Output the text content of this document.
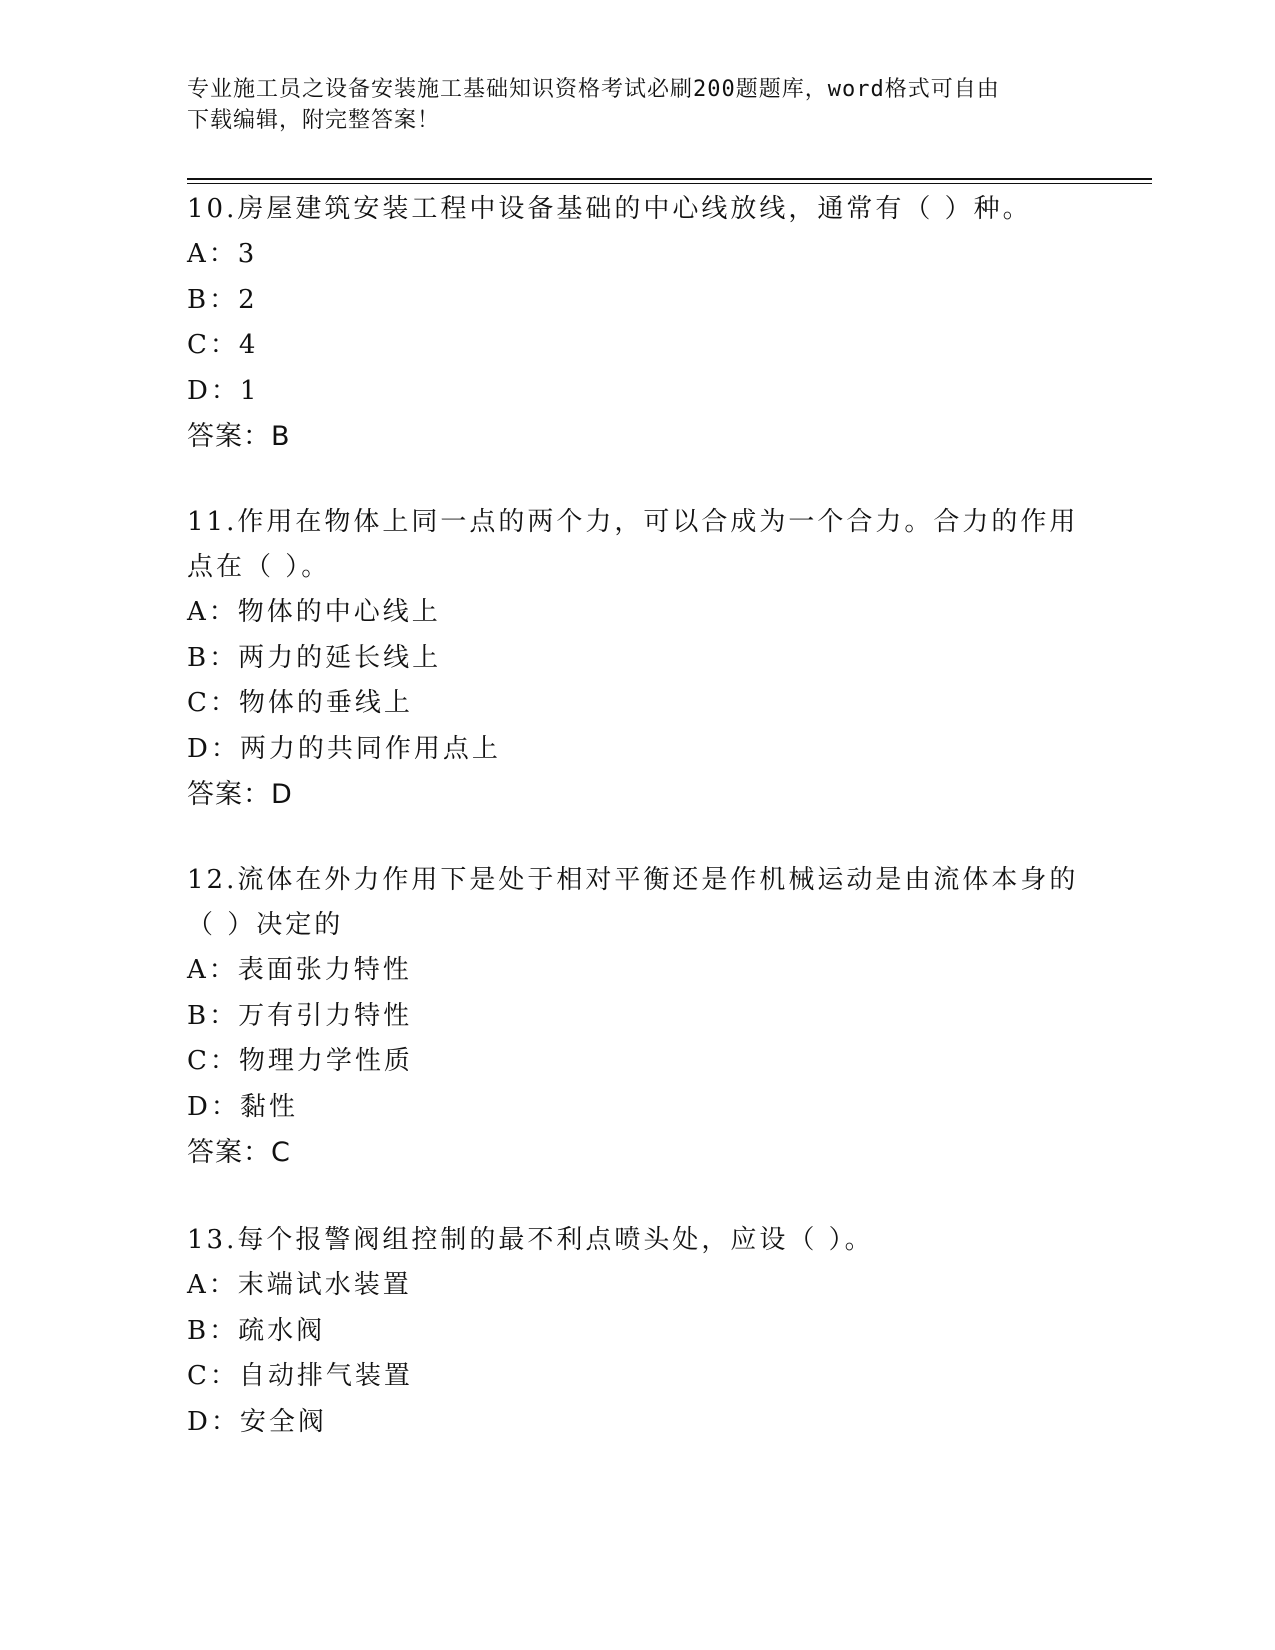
专业施工员之设备安装施工基础知识资格考试必刷200题题库，word格式可自由
下载编辑，附完整答案！

10.房屋建筑安装工程中设备基础的中心线放线，通常有（ ）种。

A：3

B：2

C：4

D：1

答案：B

11.作用在物体上同一点的两个力，可以合成为一个合力。合力的作用

点在（ ）。

A：物体的中心线上

B：两力的延长线上

C：物体的垂线上

D：两力的共同作用点上

答案：D

12.流体在外力作用下是处于相对平衡还是作机械运动是由流体本身的

（ ）决定的

A：表面张力特性

B：万有引力特性

C：物理力学性质

D：黏性

答案：C

13.每个报警阀组控制的最不利点喷头处，应设（ ）。

A：末端试水装置

B：疏水阀

C：自动排气装置

D：安全阀
